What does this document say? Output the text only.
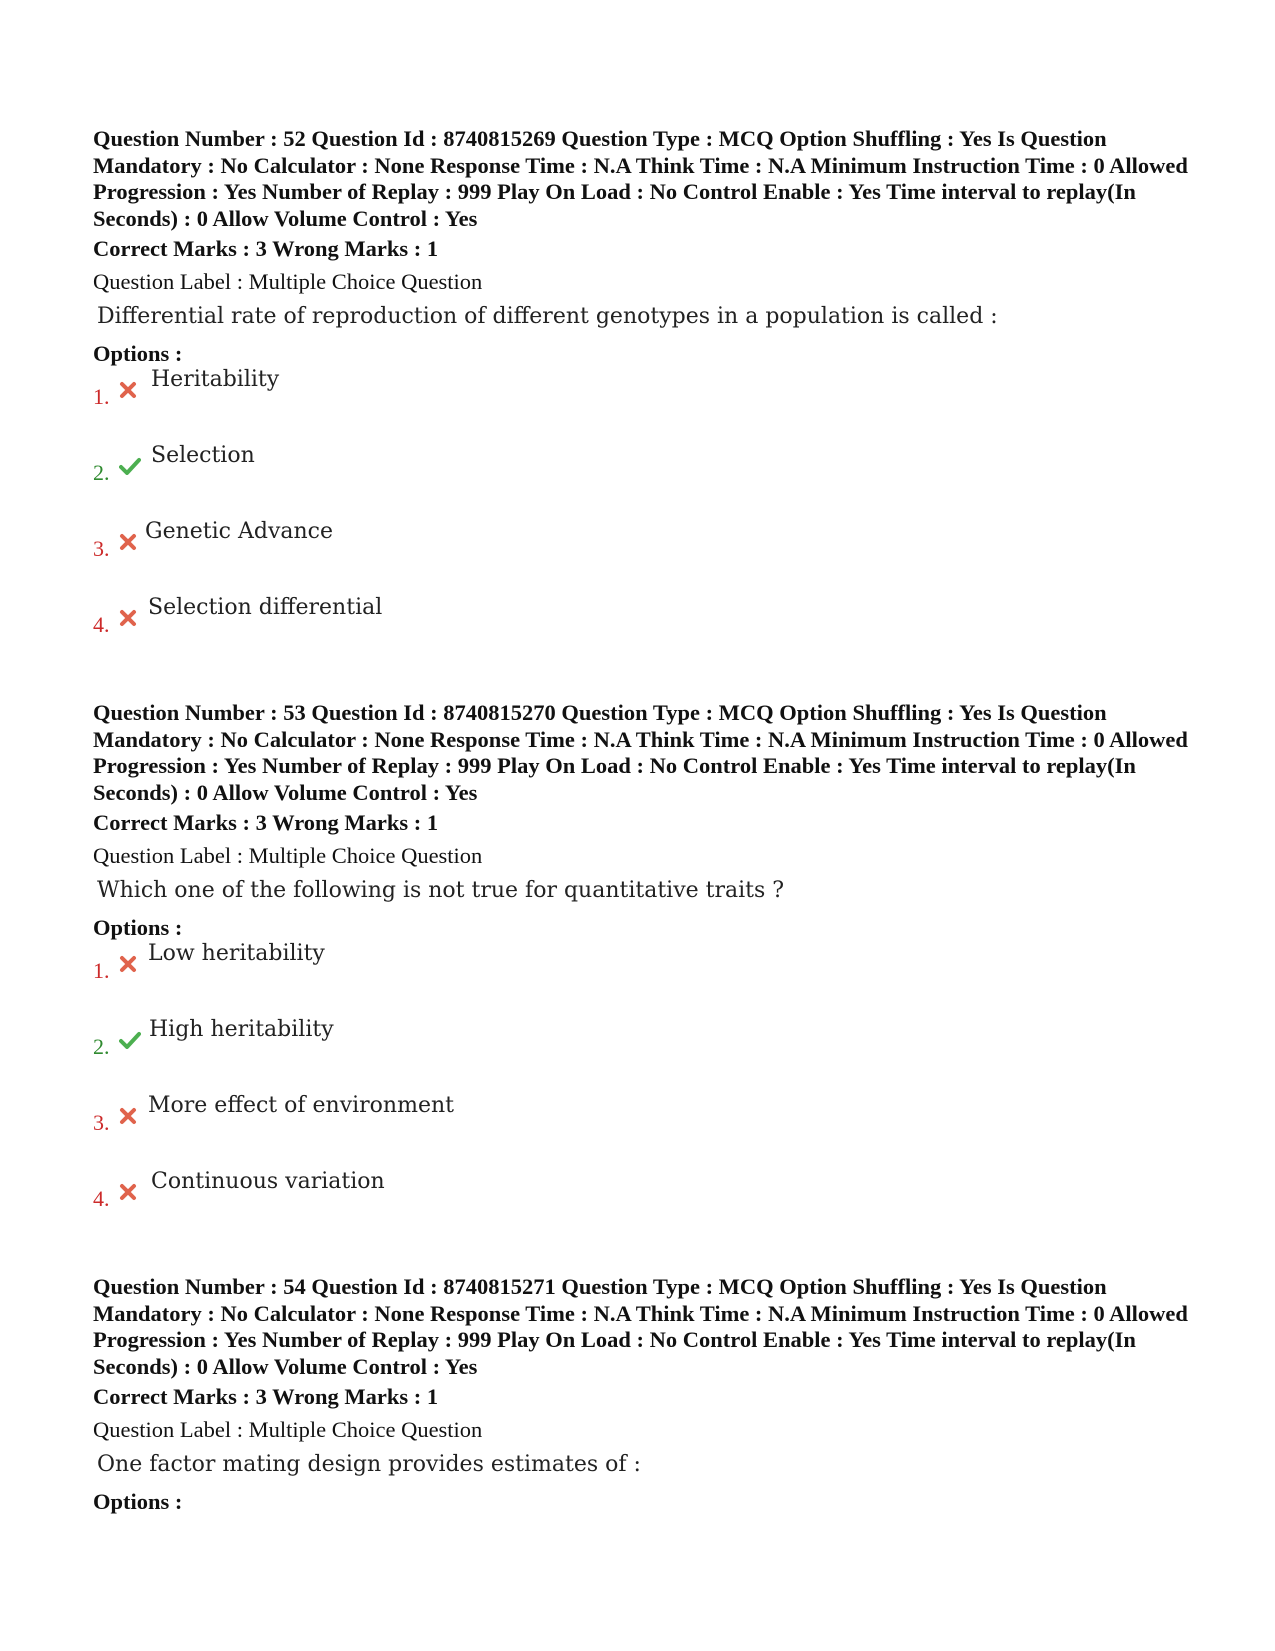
Question Number : 52 Question Id : 8740815269 Question Type : MCQ Option Shuffling : Yes Is Question Mandatory : No Calculator : None Response Time : N.A Think Time : N.A Minimum Instruction Time : 0 Allowed Progression : Yes Number of Replay : 999 Play On Load : No Control Enable : Yes Time interval to replay(In Seconds) : 0 Allow Volume Control : Yes

Correct Marks : 3 Wrong Marks : 1
Question Label : Multiple Choice Question
Differential rate of reproduction of different genotypes in a population is called :
Options :
1.
Heritability
2.
Selection
3.
Genetic Advance
4.
Selection differential

Question Number : 53 Question Id : 8740815270 Question Type : MCQ Option Shuffling : Yes Is Question Mandatory : No Calculator : None Response Time : N.A Think Time : N.A Minimum Instruction Time : 0 Allowed Progression : Yes Number of Replay : 999 Play On Load : No Control Enable : Yes Time interval to replay(In Seconds) : 0 Allow Volume Control : Yes

Correct Marks : 3 Wrong Marks : 1
Question Label : Multiple Choice Question
Which one of the following is not true for quantitative traits ?
Options :
1.
Low heritability
2.
High heritability
3.
More effect of environment
4.
Continuous variation

Question Number : 54 Question Id : 8740815271 Question Type : MCQ Option Shuffling : Yes Is Question Mandatory : No Calculator : None Response Time : N.A Think Time : N.A Minimum Instruction Time : 0 Allowed Progression : Yes Number of Replay : 999 Play On Load : No Control Enable : Yes Time interval to replay(In Seconds) : 0 Allow Volume Control : Yes

Correct Marks : 3 Wrong Marks : 1
Question Label : Multiple Choice Question
One factor mating design provides estimates of :
Options :
